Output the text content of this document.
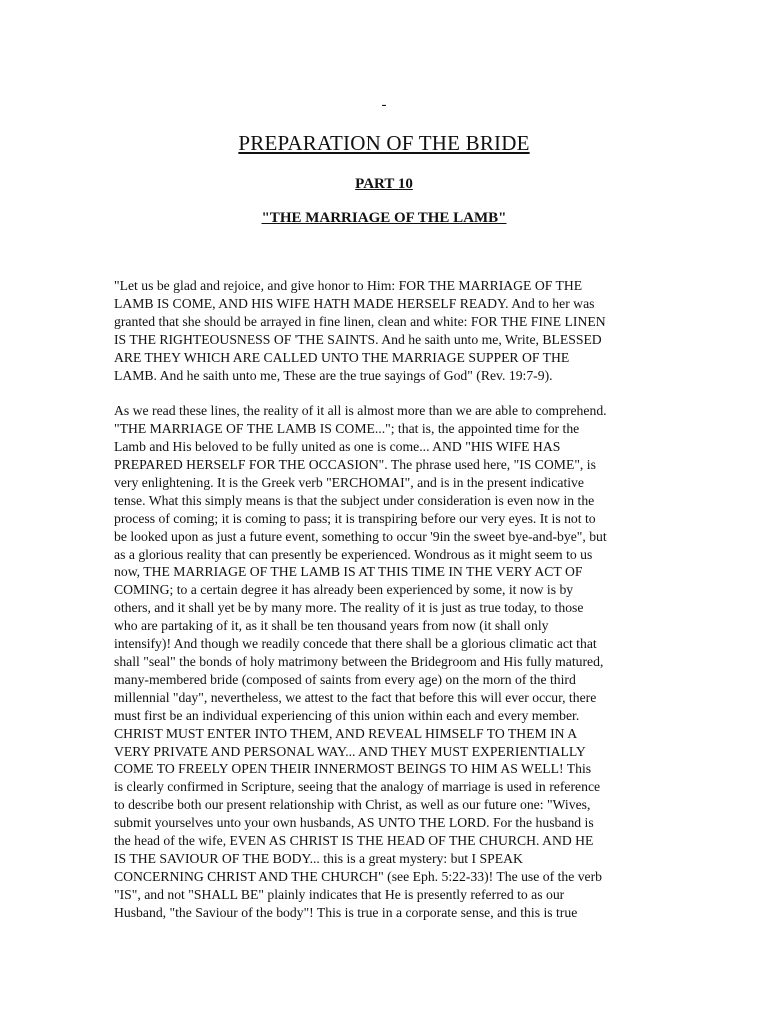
-
PREPARATION OF THE BRIDE
PART 10
"THE MARRIAGE OF THE LAMB"

"Let us be glad and rejoice, and give honor to Him: FOR THE MARRIAGE OF THE
LAMB IS COME, AND HIS WIFE HATH MADE HERSELF READY. And to her was
granted that she should be arrayed in fine linen, clean and white: FOR THE FINE LINEN
IS THE RIGHTEOUSNESS OF 'THE SAINTS. And he saith unto me, Write, BLESSED
ARE THEY WHICH ARE CALLED UNTO THE MARRIAGE SUPPER OF THE
LAMB. And he saith unto me, These are the true sayings of God" (Rev. 19:7-9).

As we read these lines, the reality of it all is almost more than we are able to comprehend.
"THE MARRIAGE OF THE LAMB IS COME..."; that is, the appointed time for the
Lamb and His beloved to be fully united as one is come... AND "HIS WIFE HAS
PREPARED HERSELF FOR THE OCCASION". The phrase used here, "IS COME", is
very enlightening. It is the Greek verb "ERCHOMAI", and is in the present indicative
tense. What this simply means is that the subject under consideration is even now in the
process of coming; it is coming to pass; it is transpiring before our very eyes. It is not to
be looked upon as just a future event, something to occur '9in the sweet bye-and-bye", but
as a glorious reality that can presently be experienced. Wondrous as it might seem to us
now, THE MARRIAGE OF THE LAMB IS AT THIS TIME IN THE VERY ACT OF
COMING; to a certain degree it has already been experienced by some, it now is by
others, and it shall yet be by many more. The reality of it is just as true today, to those
who are partaking of it, as it shall be ten thousand years from now (it shall only
intensify)! And though we readily concede that there shall be a glorious climatic act that
shall "seal" the bonds of holy matrimony between the Bridegroom and His fully matured,
many-membered bride (composed of saints from every age) on the morn of the third
millennial "day", nevertheless, we attest to the fact that before this will ever occur, there
must first be an individual experiencing of this union within each and every member.
CHRIST MUST ENTER INTO THEM, AND REVEAL HIMSELF TO THEM IN A
VERY PRIVATE AND PERSONAL WAY... AND THEY MUST EXPERIENTIALLY
COME TO FREELY OPEN THEIR INNERMOST BEINGS TO HIM AS WELL! This
is clearly confirmed in Scripture, seeing that the analogy of marriage is used in reference
to describe both our present relationship with Christ, as well as our future one: "Wives,
submit yourselves unto your own husbands, AS UNTO THE LORD. For the husband is
the head of the wife, EVEN AS CHRIST IS THE HEAD OF THE CHURCH. AND HE
IS THE SAVIOUR OF THE BODY... this is a great mystery: but I SPEAK
CONCERNING CHRIST AND THE CHURCH" (see Eph. 5:22-33)! The use of the verb
"IS", and not "SHALL BE" plainly indicates that He is presently referred to as our
Husband, "the Saviour of the body"! This is true in a corporate sense, and this is true
